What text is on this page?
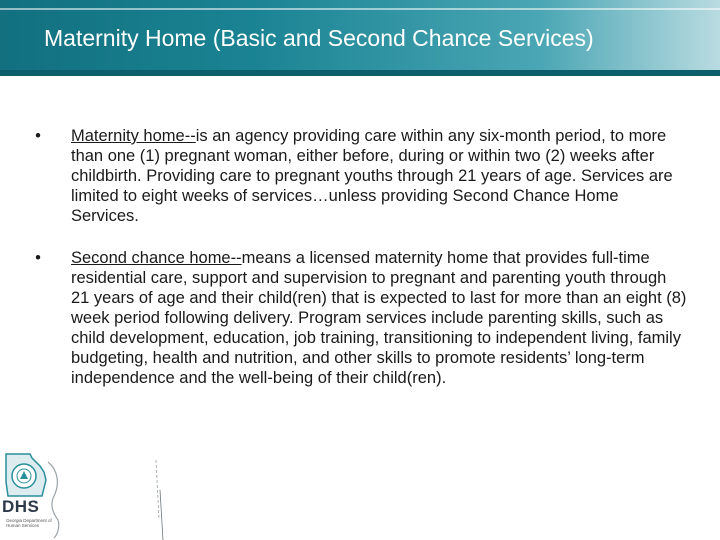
Maternity Home (Basic and Second Chance Services)
•	Maternity home--is an agency providing care within any six-month period, to more than one (1) pregnant woman, either before, during or within two (2) weeks after childbirth. Providing care to pregnant youths through 21 years of age. Services are limited to eight weeks of services…unless providing Second Chance Home Services.
•	Second chance home--means a licensed maternity home that provides full-time residential care, support and supervision to pregnant and parenting youth through 21 years of age and their child(ren) that is expected to last for more than an eight (8) week period following delivery. Program services include parenting skills, such as child development, education, job training, transitioning to independent living, family budgeting, health and nutrition, and other skills to promote residents’ long-term independence and the well-being of their child(ren).

DHS

Georgia Department of Human Services
